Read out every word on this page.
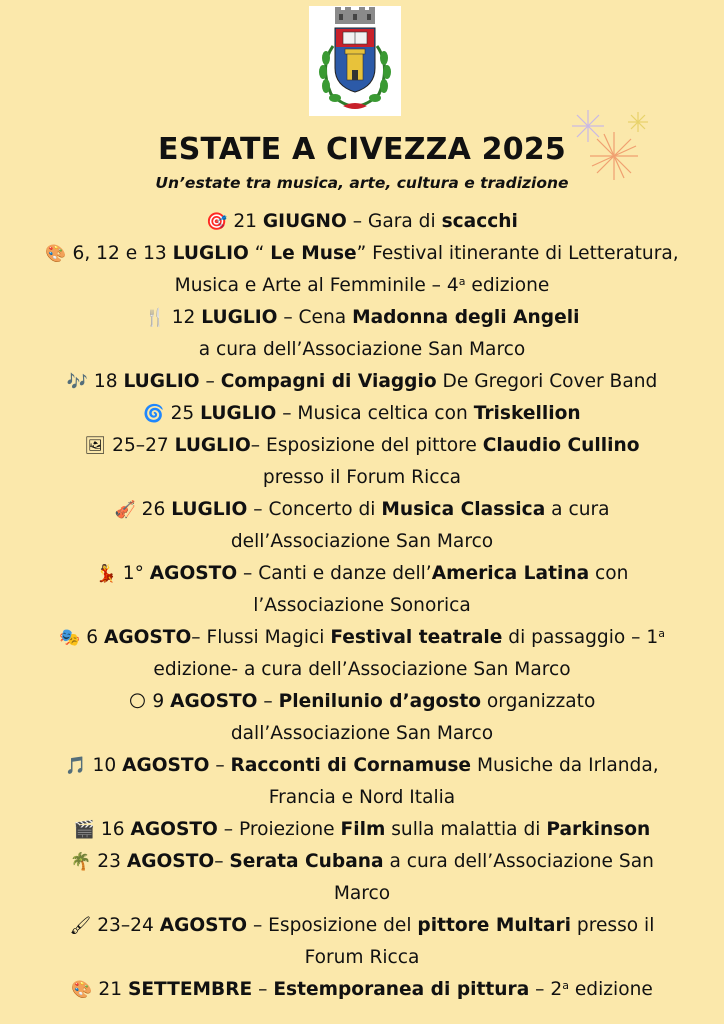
ESTATE A CIVEZZA 2025
Un’estate tra musica, arte, cultura e tradizione
🎯 21 GIUGNO – Gara di scacchi
🎨 6, 12 e 13 LUGLIO “ Le Muse” Festival itinerante di Letteratura,
Musica e Arte al Femminile – 4$^a$ edizione
🍴 12 LUGLIO – Cena Madonna degli Angeli
a cura dell’Associazione San Marco
🎶 18 LUGLIO – Compagni di Viaggio De Gregori Cover Band
🌀 25 LUGLIO – Musica celtica con Triskellion
🖼 25–27 LUGLIO– Esposizione del pittore Claudio Cullino
presso il Forum Ricca
🎻 26 LUGLIO – Concerto di Musica Classica a cura
dell’Associazione San Marco
💃 1° AGOSTO – Canti e danze dell’America Latina con
l’Associazione Sonorica
🎭 6 AGOSTO– Flussi Magici Festival teatrale di passaggio – 1$^a$
edizione- a cura dell’Associazione San Marco
🌕 9 AGOSTO – Plenilunio d’agosto organizzato
dall’Associazione San Marco
🎵 10 AGOSTO – Racconti di Cornamuse Musiche da Irlanda,
Francia e Nord Italia
🎬 16 AGOSTO – Proiezione Film sulla malattia di Parkinson
🌴 23 AGOSTO– Serata Cubana a cura dell’Associazione San
Marco
🖌 23–24 AGOSTO – Esposizione del pittore Multari presso il
Forum Ricca
🎨 21 SETTEMBRE – Estemporanea di pittura – 2$^a$ edizione
